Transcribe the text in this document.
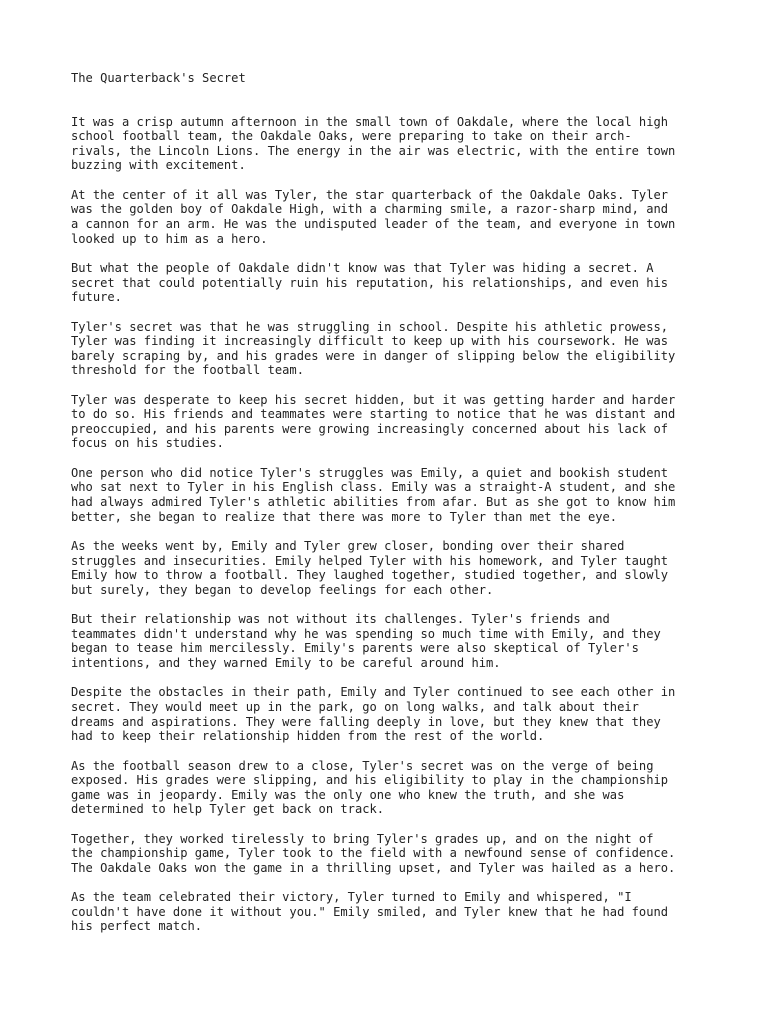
The Quarterback's Secret
It was a crisp autumn afternoon in the small town of Oakdale, where the local high
school football team, the Oakdale Oaks, were preparing to take on their arch-
rivals, the Lincoln Lions. The energy in the air was electric, with the entire town
buzzing with excitement.
At the center of it all was Tyler, the star quarterback of the Oakdale Oaks. Tyler
was the golden boy of Oakdale High, with a charming smile, a razor-sharp mind, and
a cannon for an arm. He was the undisputed leader of the team, and everyone in town
looked up to him as a hero.
But what the people of Oakdale didn't know was that Tyler was hiding a secret. A
secret that could potentially ruin his reputation, his relationships, and even his
future.
Tyler's secret was that he was struggling in school. Despite his athletic prowess,
Tyler was finding it increasingly difficult to keep up with his coursework. He was
barely scraping by, and his grades were in danger of slipping below the eligibility
threshold for the football team.
Tyler was desperate to keep his secret hidden, but it was getting harder and harder
to do so. His friends and teammates were starting to notice that he was distant and
preoccupied, and his parents were growing increasingly concerned about his lack of
focus on his studies.
One person who did notice Tyler's struggles was Emily, a quiet and bookish student
who sat next to Tyler in his English class. Emily was a straight-A student, and she
had always admired Tyler's athletic abilities from afar. But as she got to know him
better, she began to realize that there was more to Tyler than met the eye.
As the weeks went by, Emily and Tyler grew closer, bonding over their shared
struggles and insecurities. Emily helped Tyler with his homework, and Tyler taught
Emily how to throw a football. They laughed together, studied together, and slowly
but surely, they began to develop feelings for each other.
But their relationship was not without its challenges. Tyler's friends and
teammates didn't understand why he was spending so much time with Emily, and they
began to tease him mercilessly. Emily's parents were also skeptical of Tyler's
intentions, and they warned Emily to be careful around him.
Despite the obstacles in their path, Emily and Tyler continued to see each other in
secret. They would meet up in the park, go on long walks, and talk about their
dreams and aspirations. They were falling deeply in love, but they knew that they
had to keep their relationship hidden from the rest of the world.
As the football season drew to a close, Tyler's secret was on the verge of being
exposed. His grades were slipping, and his eligibility to play in the championship
game was in jeopardy. Emily was the only one who knew the truth, and she was
determined to help Tyler get back on track.
Together, they worked tirelessly to bring Tyler's grades up, and on the night of
the championship game, Tyler took to the field with a newfound sense of confidence.
The Oakdale Oaks won the game in a thrilling upset, and Tyler was hailed as a hero.
As the team celebrated their victory, Tyler turned to Emily and whispered, "I
couldn't have done it without you." Emily smiled, and Tyler knew that he had found
his perfect match.
